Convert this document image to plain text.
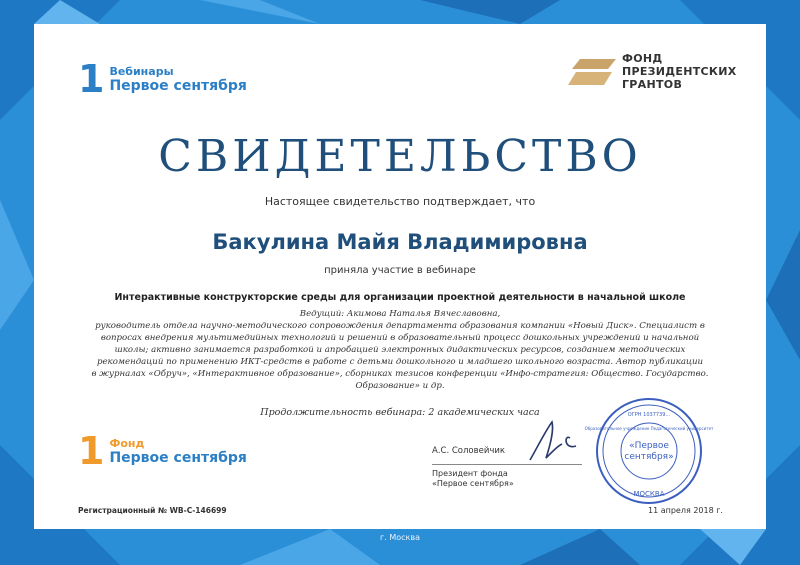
1 Вебинары
Первое сентября
ФОНД
ПРЕЗИДЕНТСКИХ
ГРАНТОВ
СВИДЕТЕЛЬСТВО
Настоящее свидетельство подтверждает, что
Бакулина Майя Владимировна
приняла участие в вебинаре
Интерактивные конструкторские среды для организации проектной деятельности в начальной школе
Ведущий: Акимова Наталья Вячеславовна,
руководитель отдела научно-методического сопровождения департамента образования компании «Новый Диск». Специалист в
вопросах внедрения мультимедийных технологий и решений в образовательный процесс дошкольных учреждений и начальной
школы; активно занимается разработкой и апробацией электронных дидактических ресурсов, созданием методических
рекомендаций по применению ИКТ-средств в работе с детьми дошкольного и младшего школьного возраста. Автор публикации
в журналах «Обруч», «Интерактивное образование», сборниках тезисов конференции «Инфо-стратегия: Общество. Государство.
Образование» и др.
Продолжительность вебинара: 2 академических часа
1 Фонд
Первое сентября	А.С. Соловейчик
Президент фонда
«Первое сентября»
«Первое
сентября»
ОГРН 1037739...
МОСКВА
Образовательное учреждение Педагогический университет
Регистрационный № WB-С-146699	11 апреля 2018 г.
г. Москва
